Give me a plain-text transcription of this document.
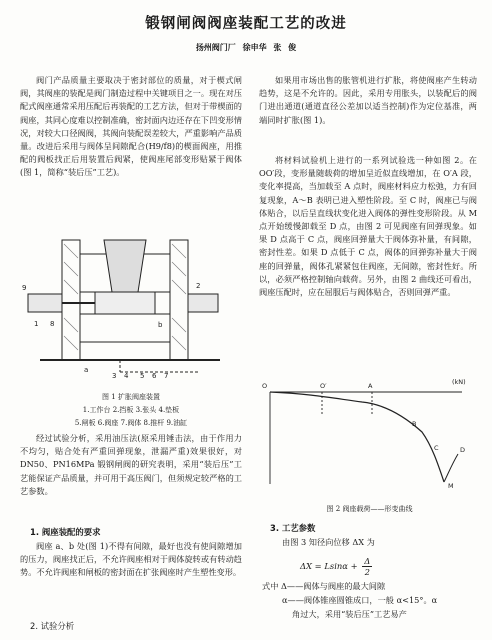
锻钢闸阀阀座装配工艺的改进
扬州阀门厂 徐申华 张 俊

阀门产品质量主要取决于密封部位的质量，对于楔式闸阀，其阀座的装配是阀门制造过程中关键项目之一。现在对压配式阀座通常采用压配后再装配的工艺方法，但对于带楔面的阀座，其同心度难以控制准确，密封面内边还存在下凹变形情况，对较大口径阀阀，其阀向装配误差较大，严重影响产品质量。改进后采用与阀体呈间隙配合(H9/f8)的楔面阀座，用推配的阀板找正后用装置后阀紧，使阀座尾部变形贴紧于阀体(图 1，简称“装后压”工艺)。

9
1 8
a
3 4 5 6 7
2
b
图 1 扩胀阀座装置
1.工作台 2.挡板 3.张头 4.垫板
5.闸板 6.阀座 7.阀体 8.推杆 9.油缸

经过试验分析，采用油压法(原采用锤击法，由于作用力不均匀，贴合处有严重回弹现象，泄漏严重)效果很好，对 DN50、PN16MPa 锻钢闸阀的研究表明，采用“装后压”工艺能保证产品质量，并可用于高压阀门，但须规定较严格的工艺参数。

1. 阀座装配的要求

阀座 a、b 处(图 1)不得有间隙，最好也没有使间隙增加的压力，阀座找正后，不允许阀座相对于阀体旋转或有转动趋势。不允许阀座和闸板的密封面在扩张阀座时产生塑性变形。

2. 试验分析

如果用市场出售的胀管机进行扩胀，将使阀座产生转动趋势，这是不允许的。因此，采用专用胀头，以装配后的阀门进出通道(通道直径公差加以适当控制)作为定位基准，两端同时扩胀(图 1)。

将材料试验机上进行的一系列试验选一种如图 2。在 OO′段，变形量随载荷的增加呈近似直线增加，在 O′A 段，变化率提高，当加载至 A 点时，阀座材料应力松弛，力有回复现象，A～B 表明已进入塑性阶段。至 C 时，阀座已与阀体贴合，以后呈直线状变化进入阀体的弹性变形阶段。从 M 点开始缓慢卸载至 D 点，由图 2 可见阀座有回弹现象。如果 D 点高于 C 点，阀座回弹量大于阀体弥补量，有间隙，密封性差。如果 D 点低于 C 点，阀体的回弹弥补量大于阀座的回弹量，阀体孔紧紧包住阀座，无间隙，密封性好。所以，必须严格控制轴向载荷。另外，由图 2 曲线还可看出，阀座压配时，应在屈服后与阀体贴合，否则回弹严重。

O	O′	A	(kN)
B
C	D
M
图 2 阀座载荷——形变曲线
3. 工艺参数
由图 3 知径向位移 ΔX 为
$\Delta X = Lsin\alpha + \frac{\Delta}{2}$
式中 Δ——阀体与阀座的最大间隙
α——阀体锥座圆锥成口，一般 α<15°。α
角过大，采用“装后压”工艺易产
